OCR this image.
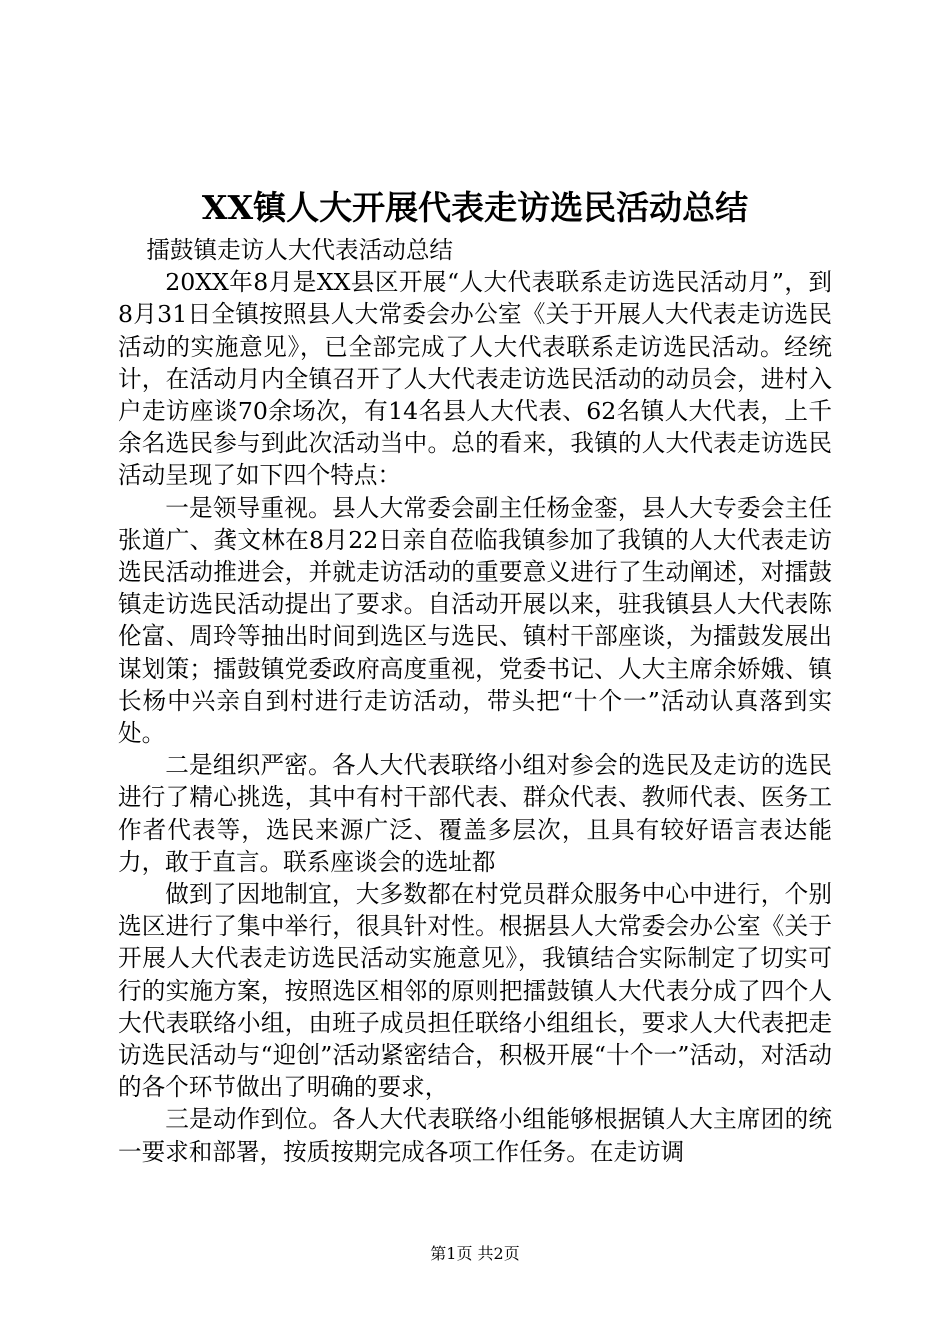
XX镇人大开展代表走访选民活动总结

擂鼓镇走访人大代表活动总结

20XX年8月是XX县区开展“人大代表联系走访选民活动月”，到8月31日全镇按照县人大常委会办公室《关于开展人大代表走访选民活动的实施意见》，已全部完成了人大代表联系走访选民活动。经统计，在活动月内全镇召开了人大代表走访选民活动的动员会，进村入户走访座谈70余场次，有14名县人大代表、62名镇人大代表，上千余名选民参与到此次活动当中。总的看来，我镇的人大代表走访选民活动呈现了如下四个特点：

一是领导重视。县人大常委会副主任杨金銮，县人大专委会主任张道广、龚文林在8月22日亲自莅临我镇参加了我镇的人大代表走访选民活动推进会，并就走访活动的重要意义进行了生动阐述，对擂鼓镇走访选民活动提出了要求。自活动开展以来，驻我镇县人大代表陈伦富、周玲等抽出时间到选区与选民、镇村干部座谈，为擂鼓发展出谋划策；擂鼓镇党委政府高度重视，党委书记、人大主席余娇娥、镇长杨中兴亲自到村进行走访活动，带头把“十个一”活动认真落到实处。

二是组织严密。各人大代表联络小组对参会的选民及走访的选民进行了精心挑选，其中有村干部代表、群众代表、教师代表、医务工作者代表等，选民来源广泛、覆盖多层次，且具有较好语言表达能力，敢于直言。联系座谈会的选址都

做到了因地制宜，大多数都在村党员群众服务中心中进行，个别选区进行了集中举行，很具针对性。根据县人大常委会办公室《关于开展人大代表走访选民活动实施意见》，我镇结合实际制定了切实可行的实施方案，按照选区相邻的原则把擂鼓镇人大代表分成了四个人大代表联络小组，由班子成员担任联络小组组长，要求人大代表把走访选民活动与“迎创”活动紧密结合，积极开展“十个一”活动，对活动的各个环节做出了明确的要求，

三是动作到位。各人大代表联络小组能够根据镇人大主席团的统一要求和部署，按质按期完成各项工作任务。在走访调

第1页 共2页
